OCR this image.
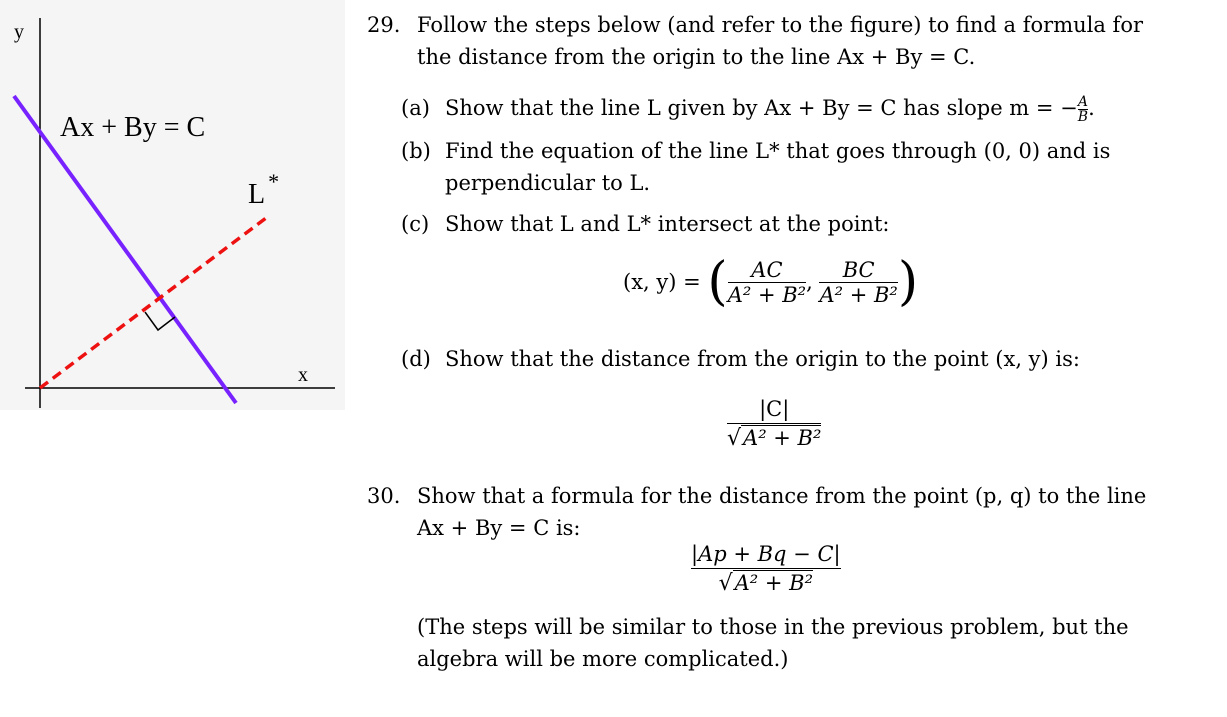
y
x
Ax + By = C
L *
29. Follow the steps below (and refer to the figure) to find a formula for
the distance from the origin to the line Ax + By = C.
(a) Show that the line L given by Ax + By = C has slope m = − $\frac{A}{B}$ .
(b) Find the equation of the line L* that goes through (0, 0) and is
perpendicular to L.
(c) Show that L and L* intersect at the point:
(x, y) = ( $\frac{AC}{\text{A² + B²}}$ , $\frac{BC}{\text{A² + B²}}$ )
(d) Show that the distance from the origin to the point (x, y) is:
$\frac{|C|}{\text{√A² + B²}}$
30. Show that a formula for the distance from the point (p, q) to the line
Ax + By = C is:
$\frac{|Ap + Bq - C|}{\text{√A² + B²}}$
(The steps will be similar to those in the previous problem, but the
algebra will be more complicated.)
